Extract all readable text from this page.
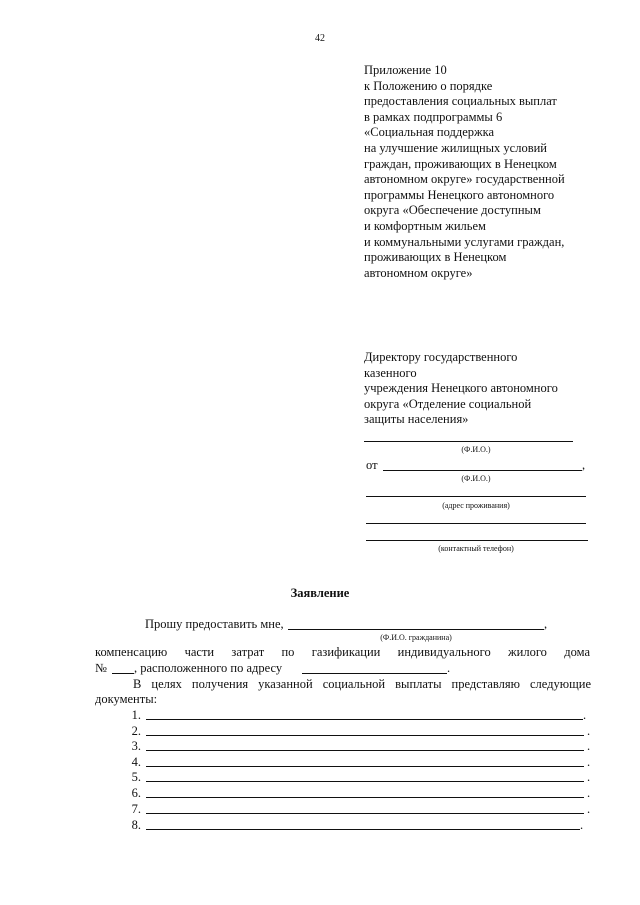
42
Приложение 10
к Положению о порядке
предоставления социальных выплат
в рамках подпрограммы 6
«Социальная поддержка
на улучшение жилищных условий
граждан, проживающих в Ненецком
автономном округе» государственной
программы Ненецкого автономного
округа «Обеспечение доступным
и комфортным жильем
и коммунальными услугами граждан,
проживающих в Ненецком
автономном округе»
Директору государственного
казенного
учреждения Ненецкого автономного
округа «Отделение социальной
защиты населения»
(Ф.И.О.)
от	,
(Ф.И.О.)
(адрес проживания)
(контактный телефон)
Заявление
Прошу предоставить мне,	,
(Ф.И.О. гражданина)
компенсацию части затрат по газификации индивидуального жилого дома
№ , расположенного по адресу	.
В целях получения указанной социальной выплаты представляю следующие
документы:
1.	.
2.	.
3.	.
4.	.
5.	.
6.	.
7.	.
8.	.
